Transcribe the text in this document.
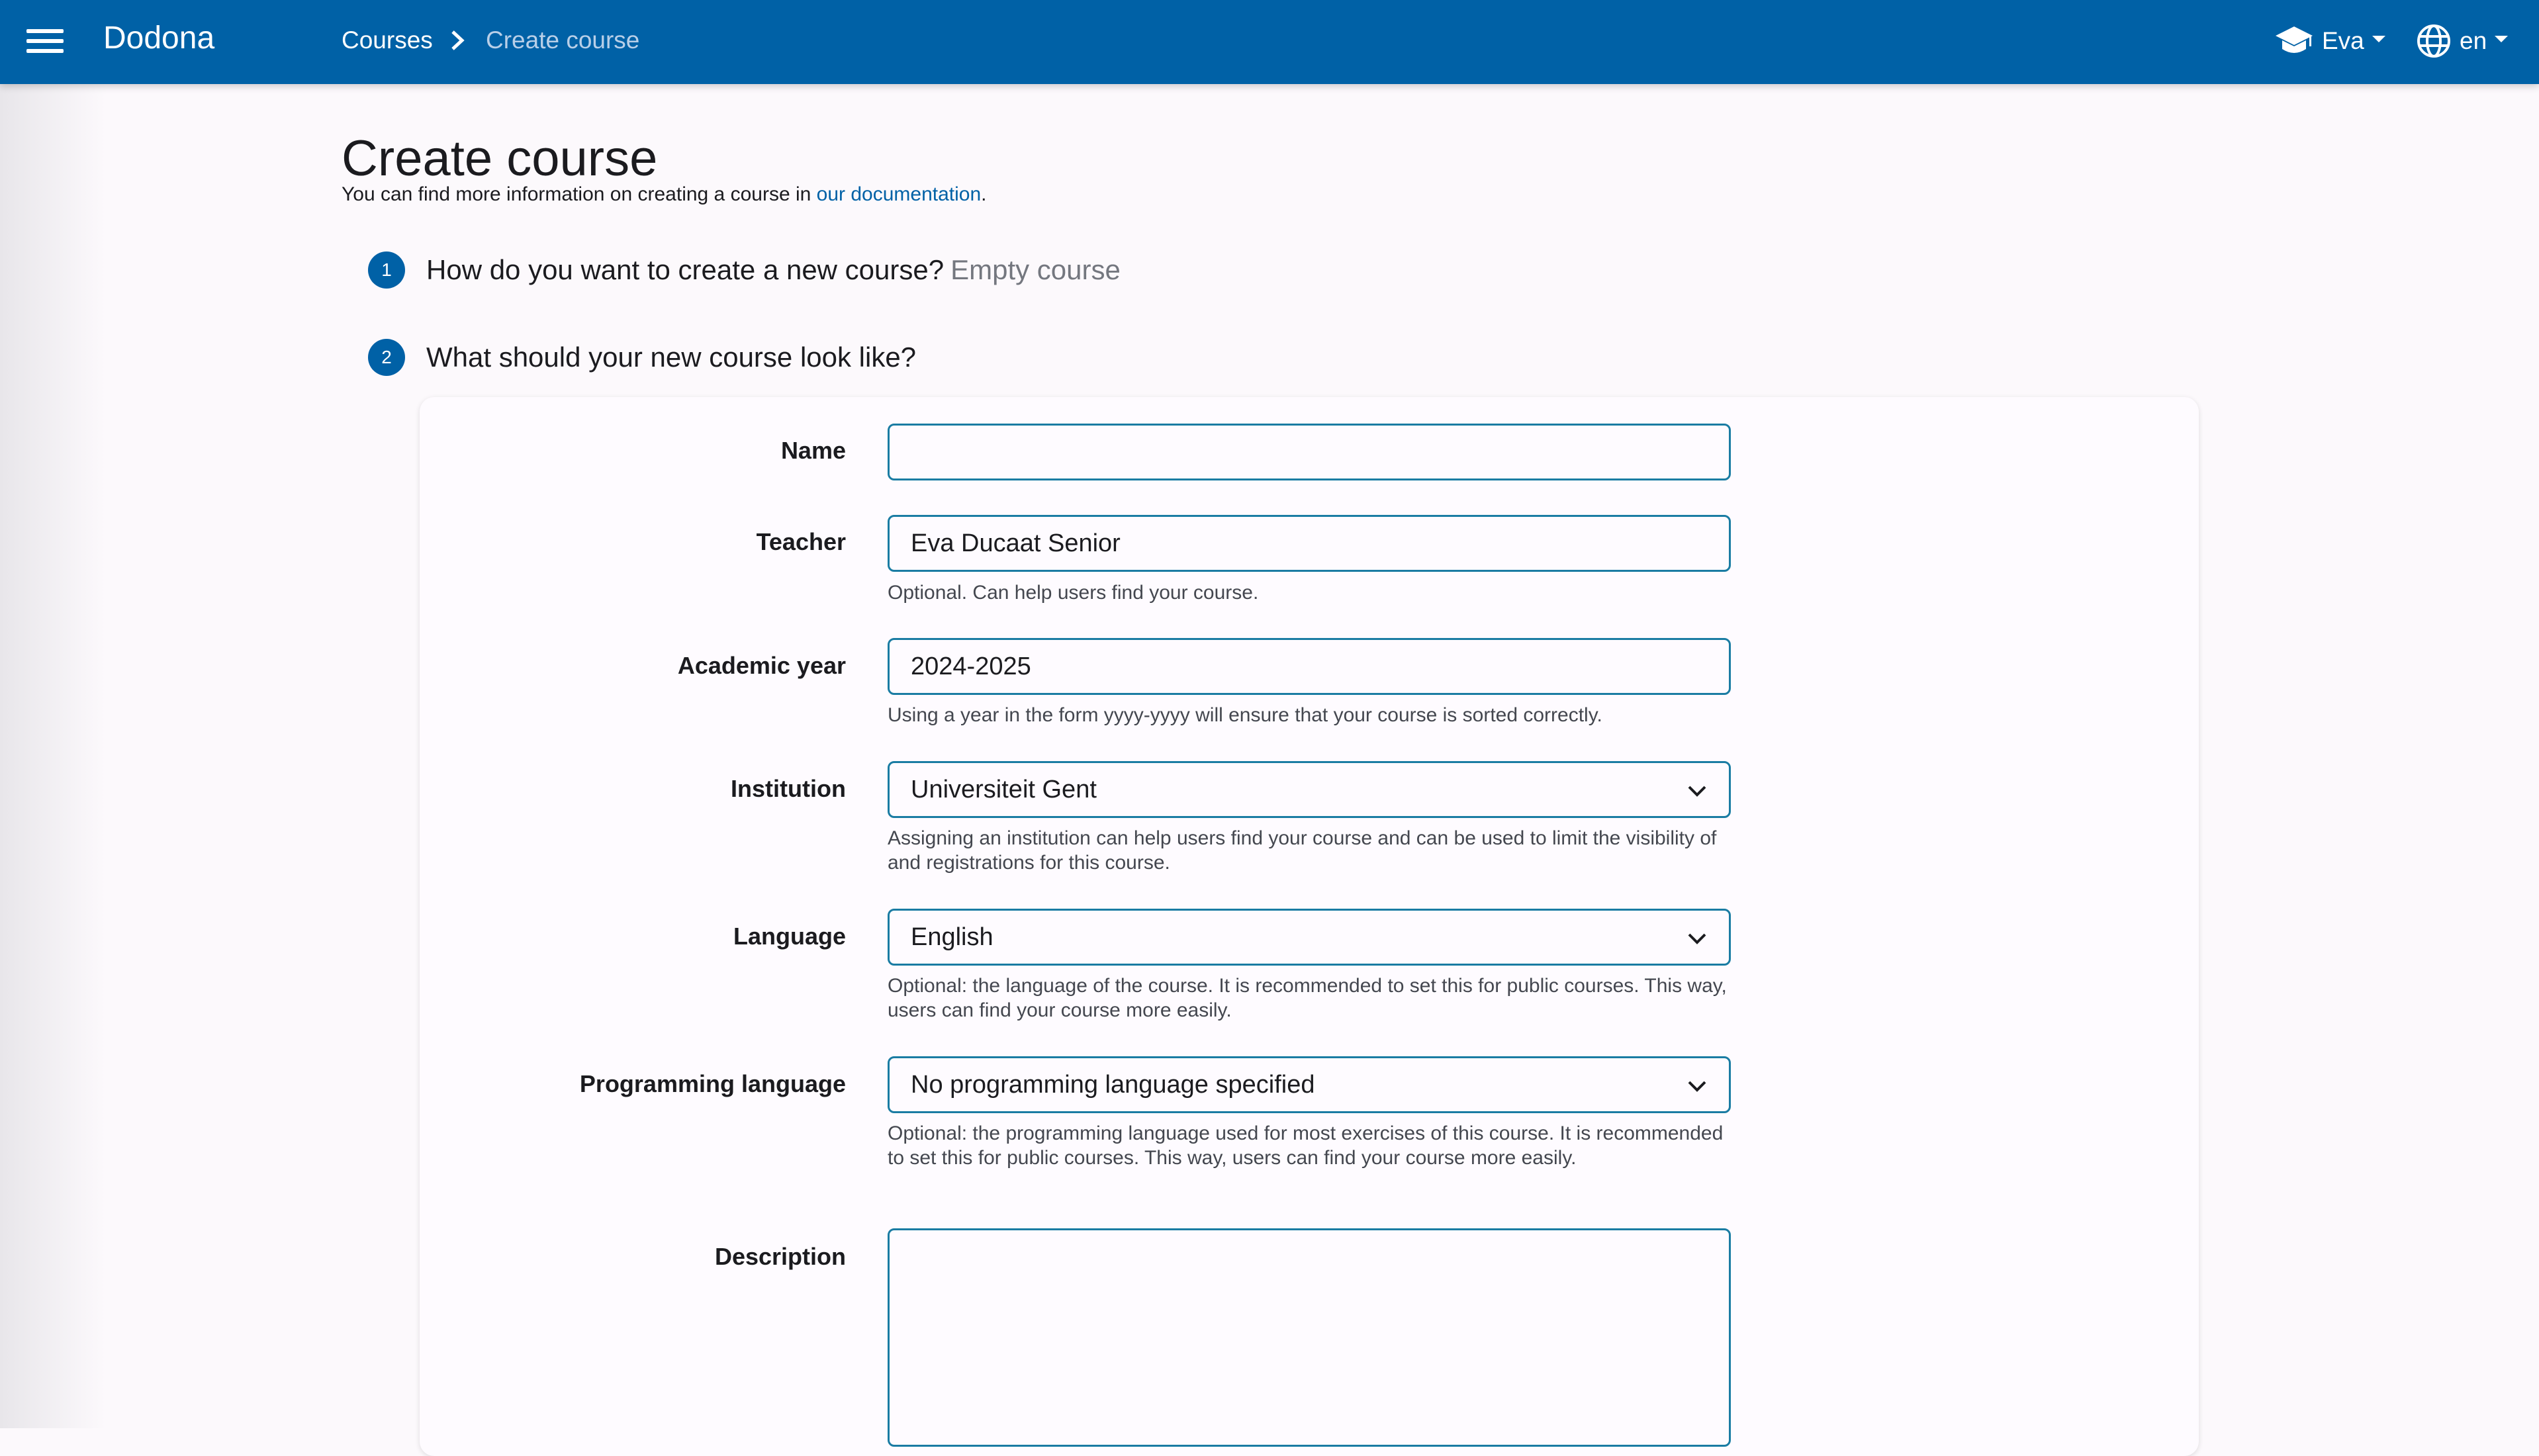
Dodona	Courses Create course	Eva	en
Create course
You can find more information on creating a course in our documentation.
1	How do you want to create a new course? Empty course
2	What should your new course look like?
Name
Teacher	Eva Ducaat Senior
Optional. Can help users find your course.
Academic year	2024-2025
Using a year in the form yyyy-yyyy will ensure that your course is sorted correctly.
Institution	Universiteit Gent
Assigning an institution can help users find your course and can be used to limit the visibility of and registrations for this course.
Language	English
Optional: the language of the course. It is recommended to set this for public courses. This way, users can find your course more easily.
Programming language	No programming language specified
Optional: the programming language used for most exercises of this course. It is recommended to set this for public courses. This way, users can find your course more easily.
Description
